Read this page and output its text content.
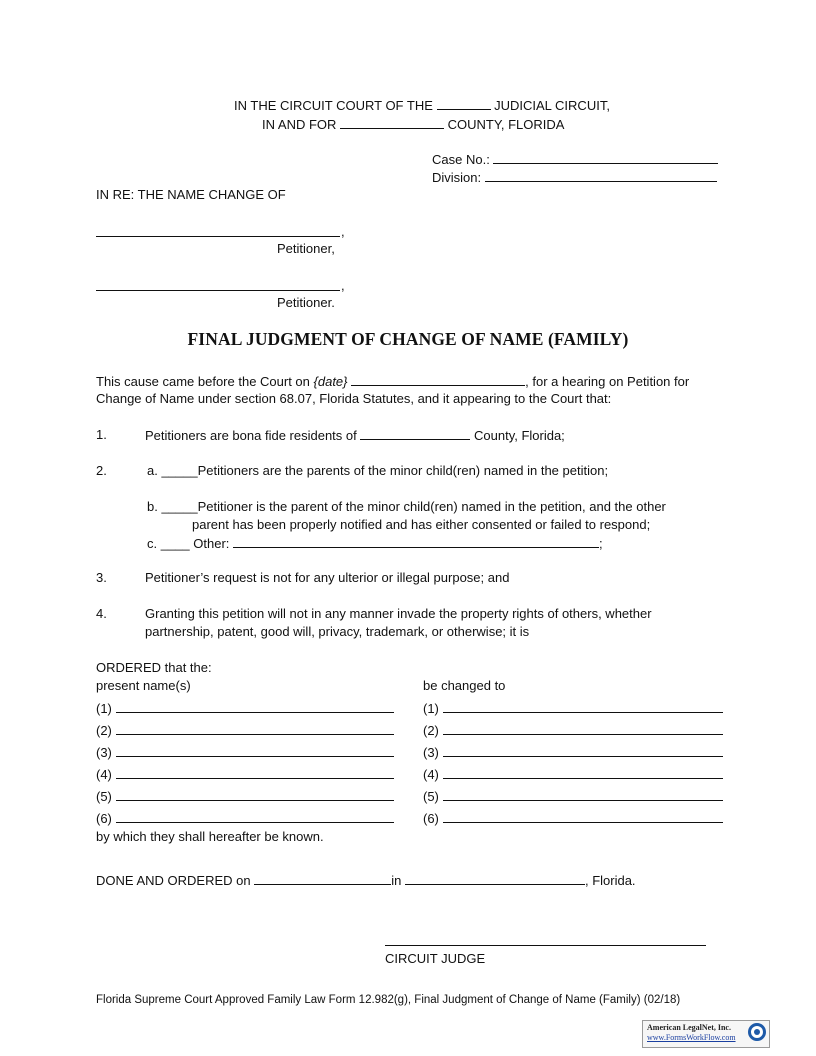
IN THE CIRCUIT COURT OF THE	JUDICIAL CIRCUIT,
IN AND FOR	COUNTY, FLORIDA
Case No.:
Division:
IN RE: THE NAME CHANGE OF
,
Petitioner,
,
Petitioner.
FINAL JUDGMENT OF CHANGE OF NAME (FAMILY)
This cause came before the Court on {date}	, for a hearing on Petition for
Change of Name under section 68.07, Florida Statutes, and it appearing to the Court that:
1.	Petitioners are bona fide residents of	County, Florida;
2.	a. _____Petitioners are the parents of the minor child(ren) named in the petition;
b. _____Petitioner is the parent of the minor child(ren) named in the petition, and the other
parent has been properly notified and has either consented or failed to respond;
c. ____ Other:	;
3.	Petitioner’s request is not for any ulterior or illegal purpose; and
4.	Granting this petition will not in any manner invade the property rights of others, whether
partnership, patent, good will, privacy, trademark, or otherwise; it is
ORDERED that the:
present name(s)	be changed to
(1)	(1)
(2)	(2)
(3)	(3)
(4)	(4)
(5)	(5)
(6)	(6)
by which they shall hereafter be known.
DONE AND ORDERED on	in	, Florida.
CIRCUIT JUDGE
Florida Supreme Court Approved Family Law Form 12.982(g), Final Judgment of Change of Name (Family) (02/18)
American LegalNet, Inc.
www.FormsWorkFlow.com
